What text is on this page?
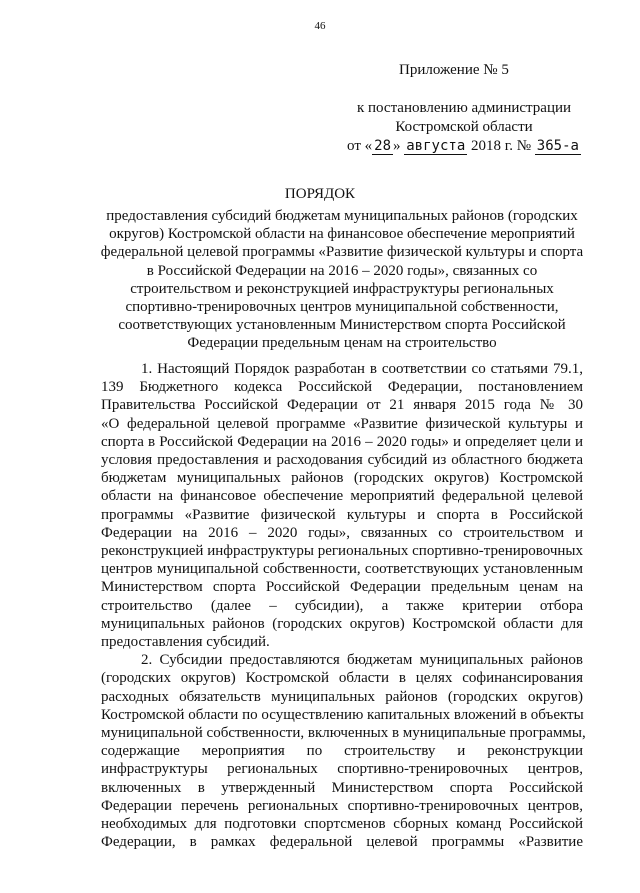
46
Приложение № 5
к постановлению администрации
Костромской области
от « 28 » августа 2018 г. № 365-а
ПОРЯДОК
предоставления субсидий бюджетам муниципальных районов (городских
округов) Костромской области на финансовое обеспечение мероприятий
федеральной целевой программы «Развитие физической культуры и спорта
в Российской Федерации на 2016 – 2020 годы», связанных со
строительством и реконструкцией инфраструктуры региональных
спортивно-тренировочных центров муниципальной собственности,
соответствующих установленным Министерством спорта Российской
Федерации предельным ценам на строительство
1. Настоящий Порядок разработан в соответствии со статьями 79.1,
139 Бюджетного кодекса Российской Федерации, постановлением
Правительства Российской Федерации от 21 января 2015 года № 30
«О федеральной целевой программе «Развитие физической культуры и
спорта в Российской Федерации на 2016 – 2020 годы» и определяет цели и
условия предоставления и расходования субсидий из областного бюджета
бюджетам муниципальных районов (городских округов) Костромской
области на финансовое обеспечение мероприятий федеральной целевой
программы «Развитие физической культуры и спорта в Российской
Федерации на 2016 – 2020 годы», связанных со строительством и
реконструкцией инфраструктуры региональных спортивно-тренировочных
центров муниципальной собственности, соответствующих установленным
Министерством спорта Российской Федерации предельным ценам на
строительство (далее – субсидии), а также критерии отбора
муниципальных районов (городских округов) Костромской области для
предоставления субсидий.
2. Субсидии предоставляются бюджетам муниципальных районов
(городских округов) Костромской области в целях софинансирования
расходных обязательств муниципальных районов (городских округов)
Костромской области по осуществлению капитальных вложений в объекты
муниципальной собственности, включенных в муниципальные программы,
содержащие мероприятия по строительству и реконструкции
инфраструктуры региональных спортивно-тренировочных центров,
включенных в утвержденный Министерством спорта Российской
Федерации перечень региональных спортивно-тренировочных центров,
необходимых для подготовки спортсменов сборных команд Российской
Федерации, в рамках федеральной целевой программы «Развитие
